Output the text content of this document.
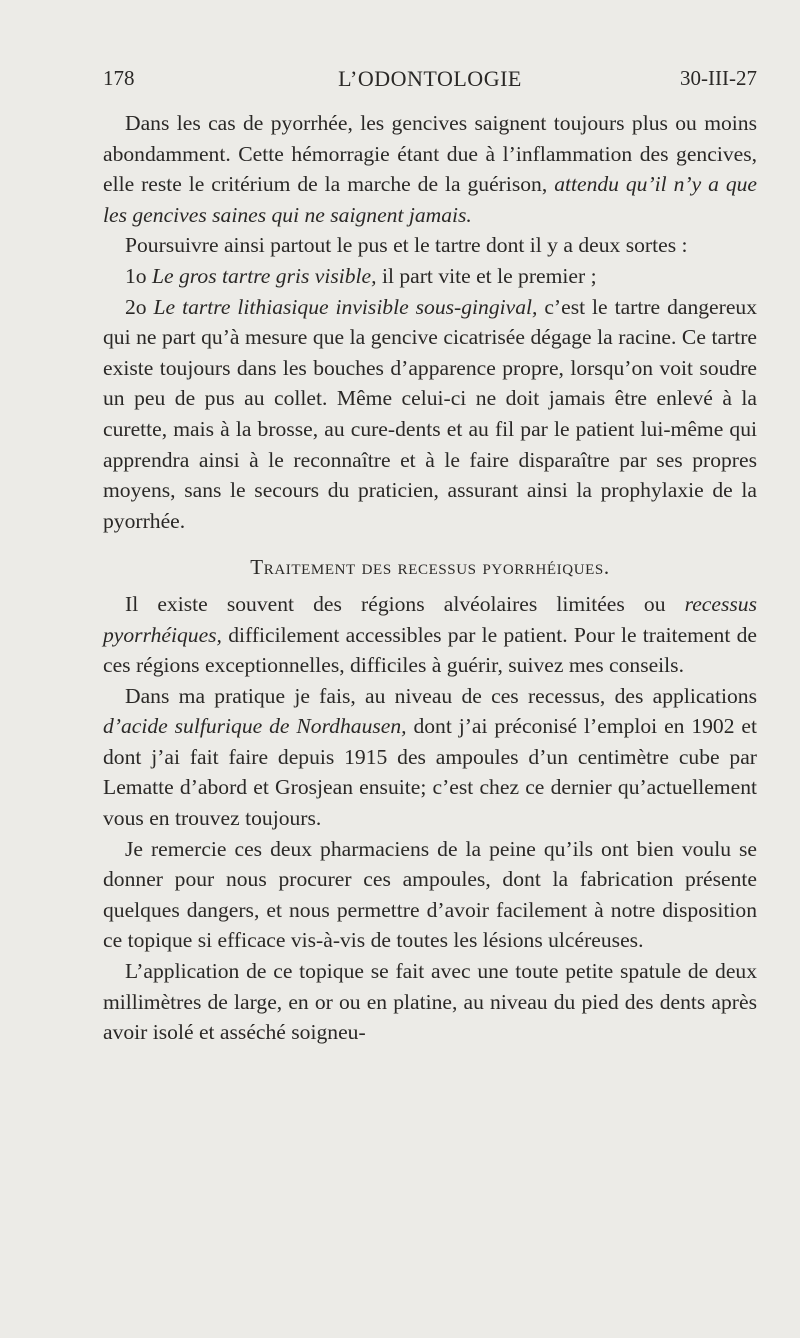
178	L’ODONTOLOGIE	30-III-27

Dans les cas de pyorrhée, les gencives saignent toujours plus ou moins abondamment. Cette hémorragie étant due à l’inflammation des gencives, elle reste le critérium de la marche de la guérison, attendu qu’il n’y a que les gencives saines qui ne saignent jamais.

Poursuivre ainsi partout le pus et le tartre dont il y a deux sortes :

1o Le gros tartre gris visible, il part vite et le premier ;

2o Le tartre lithiasique invisible sous-gingival, c’est le tartre dangereux qui ne part qu’à mesure que la gencive cicatrisée dégage la racine. Ce tartre existe toujours dans les bouches d’apparence propre, lorsqu’on voit soudre un peu de pus au collet. Même celui-ci ne doit jamais être enlevé à la curette, mais à la brosse, au cure-dents et au fil par le patient lui-même qui apprendra ainsi à le reconnaître et à le faire disparaître par ses propres moyens, sans le secours du praticien, assurant ainsi la prophylaxie de la pyorrhée.

Traitement des recessus pyorrhéiques.

Il existe souvent des régions alvéolaires limitées ou recessus pyorrhéiques, difficilement accessibles par le patient. Pour le traitement de ces régions exceptionnelles, difficiles à guérir, suivez mes conseils.

Dans ma pratique je fais, au niveau de ces recessus, des applications d’acide sulfurique de Nordhausen, dont j’ai préconisé l’emploi en 1902 et dont j’ai fait faire depuis 1915 des ampoules d’un centimètre cube par Lematte d’abord et Grosjean ensuite; c’est chez ce dernier qu’actuellement vous en trouvez toujours.

Je remercie ces deux pharmaciens de la peine qu’ils ont bien voulu se donner pour nous procurer ces ampoules, dont la fabrication présente quelques dangers, et nous permettre d’avoir facilement à notre disposition ce topique si efficace vis-à-vis de toutes les lésions ulcéreuses.

L’application de ce topique se fait avec une toute petite spatule de deux millimètres de large, en or ou en platine, au niveau du pied des dents après avoir isolé et asséché soigneu-
